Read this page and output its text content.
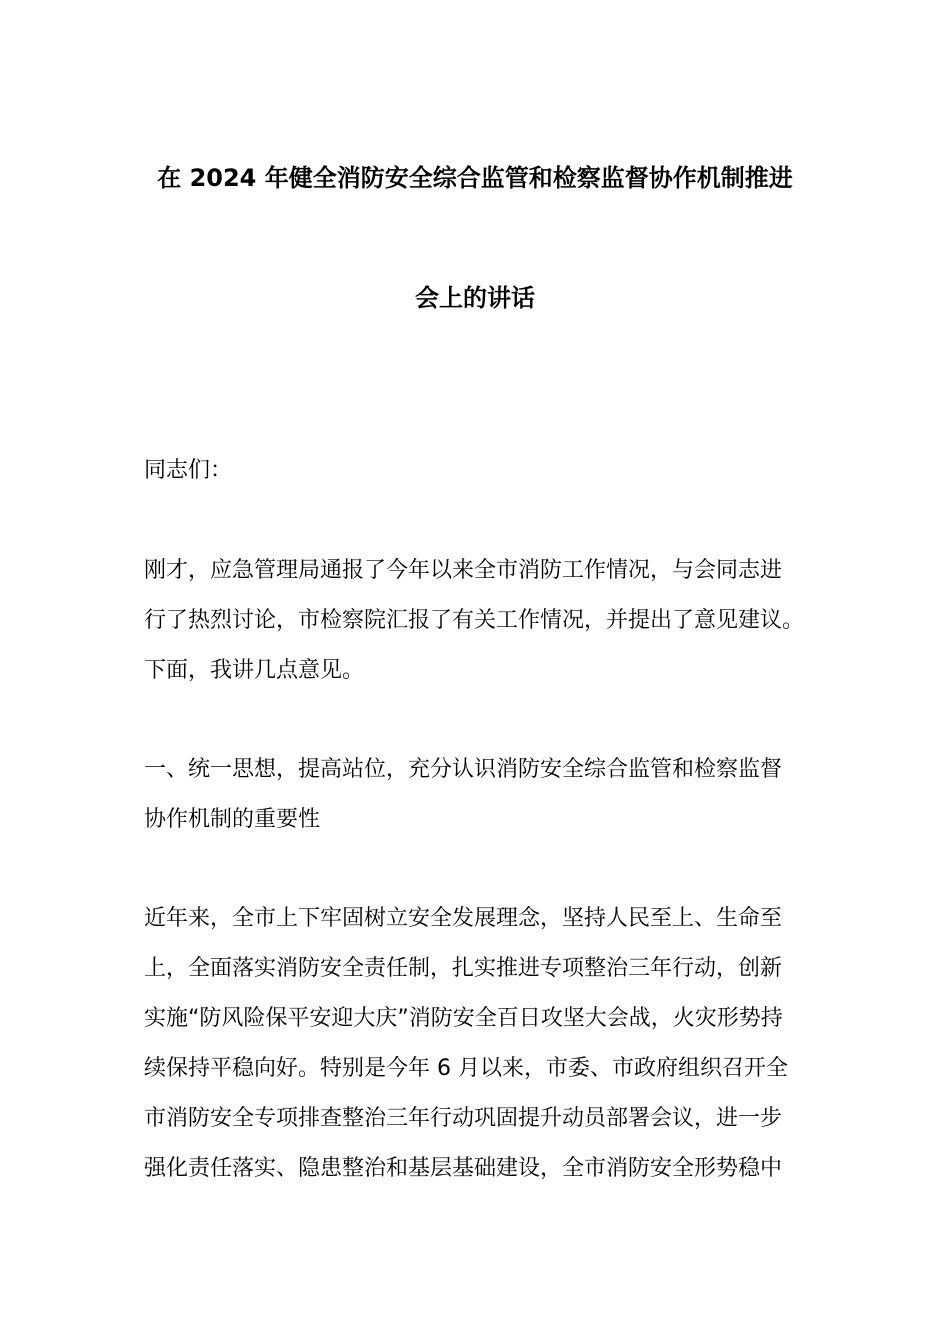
在 2024 年健全消防安全综合监管和检察监督协作机制推进
会上的讲话
同志们：
刚才，应急管理局通报了今年以来全市消防工作情况，与会同志进
行了热烈讨论，市检察院汇报了有关工作情况，并提出了意见建议。
下面，我讲几点意见。
一、统一思想，提高站位，充分认识消防安全综合监管和检察监督
协作机制的重要性
近年来，全市上下牢固树立安全发展理念，坚持人民至上、生命至
上，全面落实消防安全责任制，扎实推进专项整治三年行动，创新
实施“防风险保平安迎大庆”消防安全百日攻坚大会战，火灾形势持
续保持平稳向好。特别是今年 6 月以来，市委、市政府组织召开全
市消防安全专项排查整治三年行动巩固提升动员部署会议，进一步
强化责任落实、隐患整治和基层基础建设，全市消防安全形势稳中
